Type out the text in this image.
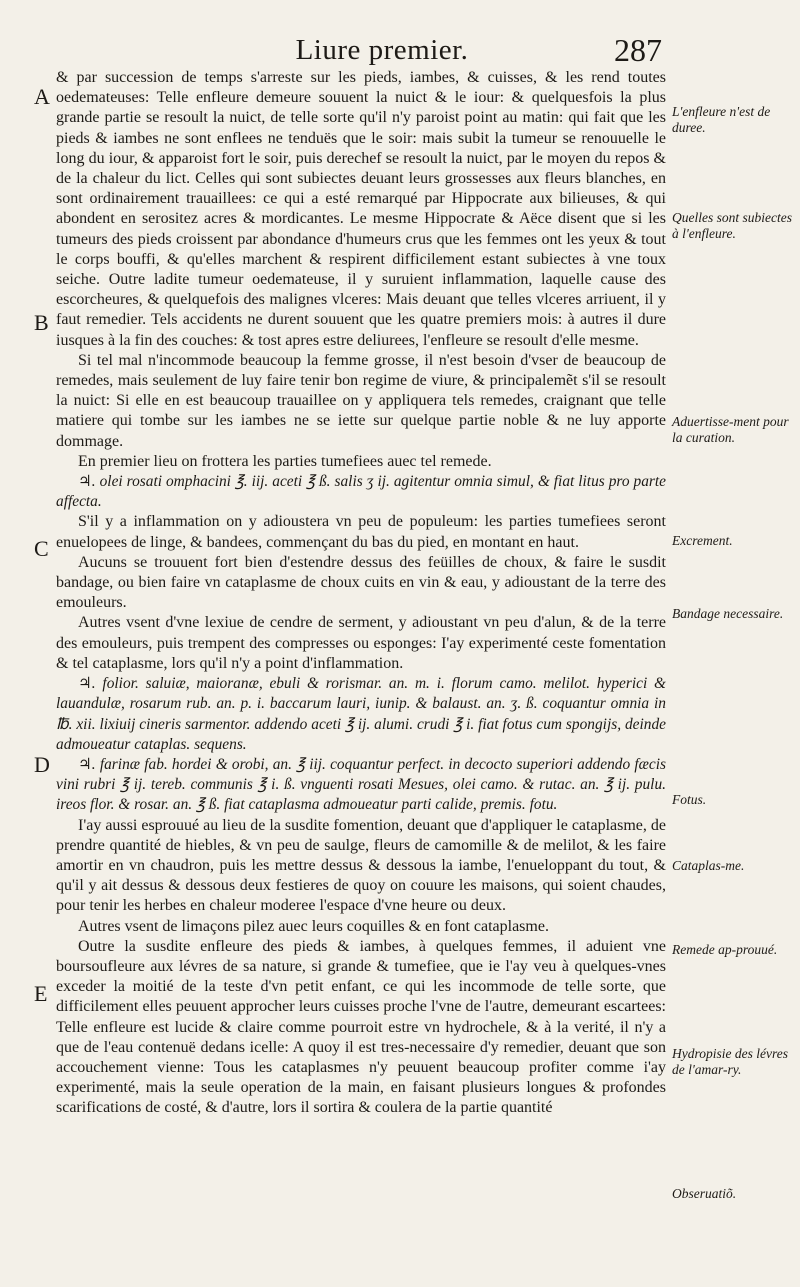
Liure premier.	287
A
B
C
D
E

& par succession de temps s'arreste sur les pieds, iambes, & cuisses, & les rend toutes oedemateuses: Telle enfleure demeure souuent la nuict & le iour: & quelquesfois la plus grande partie se resoult la nuict, de telle sorte qu'il n'y paroist point au matin: qui fait que les pieds & iambes ne sont enflees ne tenduës que le soir: mais subit la tumeur se renouuelle le long du iour, & apparoist fort le soir, puis derechef se resoult la nuict, par le moyen du repos & de la chaleur du lict. Celles qui sont subiectes deuant leurs grossesses aux fleurs blanches, en sont ordinairement trauaillees: ce qui a esté remarqué par Hippocrate aux bilieuses, & qui abondent en serositez acres & mordicantes. Le mesme Hippocrate & Aëce disent que si les tumeurs des pieds croissent par abondance d'humeurs crus que les femmes ont les yeux & tout le corps bouffi, & qu'elles marchent & respirent difficilement estant subiectes à vne toux seiche. Outre ladite tumeur oedemateuse, il y suruient inflammation, laquelle cause des escorcheures, & quelquefois des malignes vlceres: Mais deuant que telles vlceres arriuent, il y faut remedier. Tels accidents ne durent souuent que les quatre premiers mois: à autres il dure iusques à la fin des couches: & tost apres estre deliurees, l'enfleure se resoult d'elle mesme.

Si tel mal n'incommode beaucoup la femme grosse, il n'est besoin d'vser de beaucoup de remedes, mais seulement de luy faire tenir bon regime de viure, & principalemẽt s'il se resoult la nuict: Si elle en est beaucoup trauaillee on y appliquera tels remedes, craignant que telle matiere qui tombe sur les iambes ne se iette sur quelque partie noble & ne luy apporte dommage.

En premier lieu on frottera les parties tumefiees auec tel remede.

♃. olei rosati omphacini ℥. iij. aceti ℥ ß. salis ʒ ij. agitentur omnia simul, & fiat litus pro parte affecta.

S'il y a inflammation on y adioustera vn peu de populeum: les parties tumefiees seront enuelopees de linge, & bandees, commençant du bas du pied, en montant en haut.

Aucuns se trouuent fort bien d'estendre dessus des feüilles de choux, & faire le susdit bandage, ou bien faire vn cataplasme de choux cuits en vin & eau, y adioustant de la terre des emouleurs.

Autres vsent d'vne lexiue de cendre de serment, y adioustant vn peu d'alun, & de la terre des emouleurs, puis trempent des compresses ou esponges: I'ay experimenté ceste fomentation & tel cataplasme, lors qu'il n'y a point d'inflammation.

♃. folior. saluiæ, maioranæ, ebuli & rorismar. an. m. i. florum camo. melilot. hyperici & lauandulæ, rosarum rub. an. p. i. baccarum lauri, iunip. & balaust. an. ʒ. ß. coquantur omnia in ℔. xii. lixiuij cineris sarmentor. addendo aceti ℥ ij. alumi. crudi ℥ i. fiat fotus cum spongijs, deinde admoueatur cataplas. sequens.

♃. farinæ fab. hordei & orobi, an. ℥ iij. coquantur perfect. in decocto superiori addendo fæcis vini rubri ℥ ij. tereb. communis ℥ i. ß. vnguenti rosati Mesues, olei camo. & rutac. an. ℥ ij. pulu. ireos flor. & rosar. an. ℥ ß. fiat cataplasma admoueatur parti calide, premis. fotu.

I'ay aussi esprouué au lieu de la susdite fomention, deuant que d'appliquer le cataplasme, de prendre quantité de hiebles, & vn peu de saulge, fleurs de camomille & de melilot, & les faire amortir en vn chaudron, puis les mettre dessus & dessous la iambe, l'enueloppant du tout, & qu'il y ait dessus & dessous deux festieres de quoy on couure les maisons, qui soient chaudes, pour tenir les herbes en chaleur moderee l'espace d'vne heure ou deux.

Autres vsent de limaçons pilez auec leurs coquilles & en font cataplasme.

Outre la susdite enfleure des pieds & iambes, à quelques femmes, il aduient vne boursoufleure aux lévres de sa nature, si grande & tumefiee, que ie l'ay veu à quelques-vnes exceder la moitié de la teste d'vn petit enfant, ce qui les incommode de telle sorte, que difficilement elles peuuent approcher leurs cuisses proche l'vne de l'autre, demeurant escartees: Telle enfleure est lucide & claire comme pourroit estre vn hydrochele, & à la verité, il n'y a que de l'eau contenuë dedans icelle: A quoy il est tres-necessaire d'y remedier, deuant que son accouchement vienne: Tous les cataplasmes n'y peuuent beaucoup profiter comme i'ay experimenté, mais la seule operation de la main, en faisant plusieurs longues & profondes scarifications de costé, & d'autre, lors il sortira & coulera de la partie quantité

L'enfleure n'est de duree.
Quelles sont subiectes à l'enfleure.
Aduertisse-ment pour la curation.
Excrement.
Bandage necessaire.
Fotus.
Cataplas-me.
Remede ap-prouué.
Hydropisie des lévres de l'amar-ry.
Obseruatiõ.
